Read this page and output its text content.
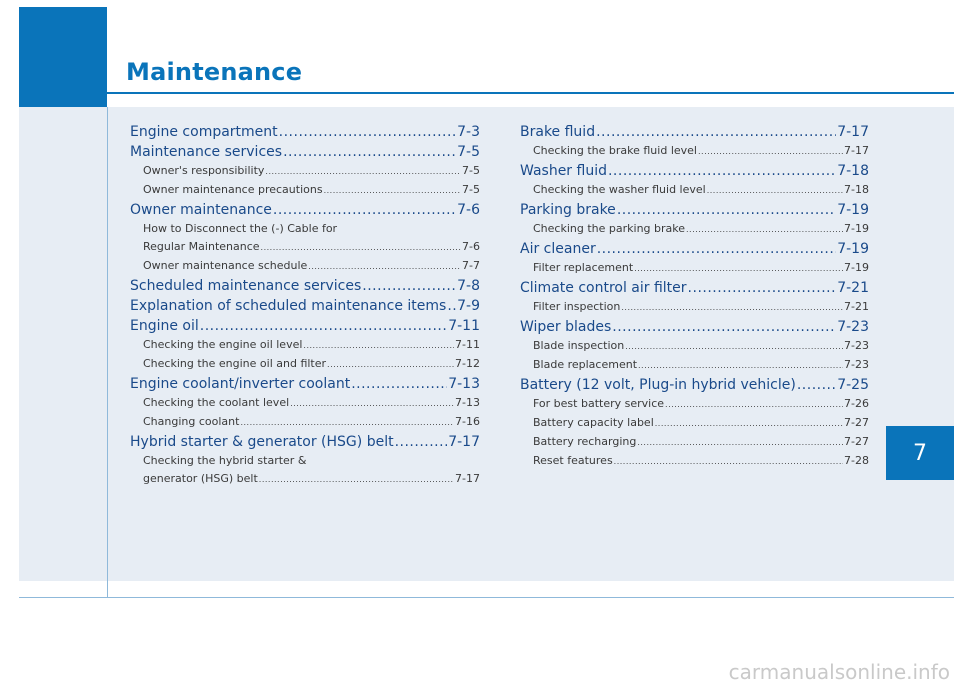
Maintenance
Engine compartment .....	7-3
Maintenance services .....	7-5
Owner's responsibility .....	7-5
Owner maintenance precautions .....	7-5
Owner maintenance .....	7-6
How to Disconnect the (-) Cable for
Regular Maintenance .....	7-6
Owner maintenance schedule .....	7-7
Scheduled maintenance services .....	7-8
Explanation of scheduled maintenance items ..... 7-9
Engine oil .....	7-11
Checking the engine oil level .....	7-11
Checking the engine oil and filter .....	7-12
Engine coolant/inverter coolant .....	7-13
Checking the coolant level .....	7-13
Changing coolant .....	7-16
Hybrid starter & generator (HSG) belt .....	7-17
Checking the hybrid starter &
generator (HSG) belt .....	7-17
Brake fluid .....	7-17
Checking the brake fluid level .....	7-17
Washer fluid .....	7-18
Checking the washer fluid level .....	7-18
Parking brake .....	7-19
Checking the parking brake .....	7-19
Air cleaner .....	7-19
Filter replacement .....	7-19
Climate control air filter .....	7-21
Filter inspection .....	7-21
Wiper blades .....	7-23
Blade inspection .....	7-23
Blade replacement .....	7-23
Battery (12 volt, Plug-in hybrid vehicle) .....	7-25
For best battery service .....	7-26
Battery capacity label .....	7-27
Battery recharging .....	7-27
Reset features .....	7-28	7
carmanualsonline.info
